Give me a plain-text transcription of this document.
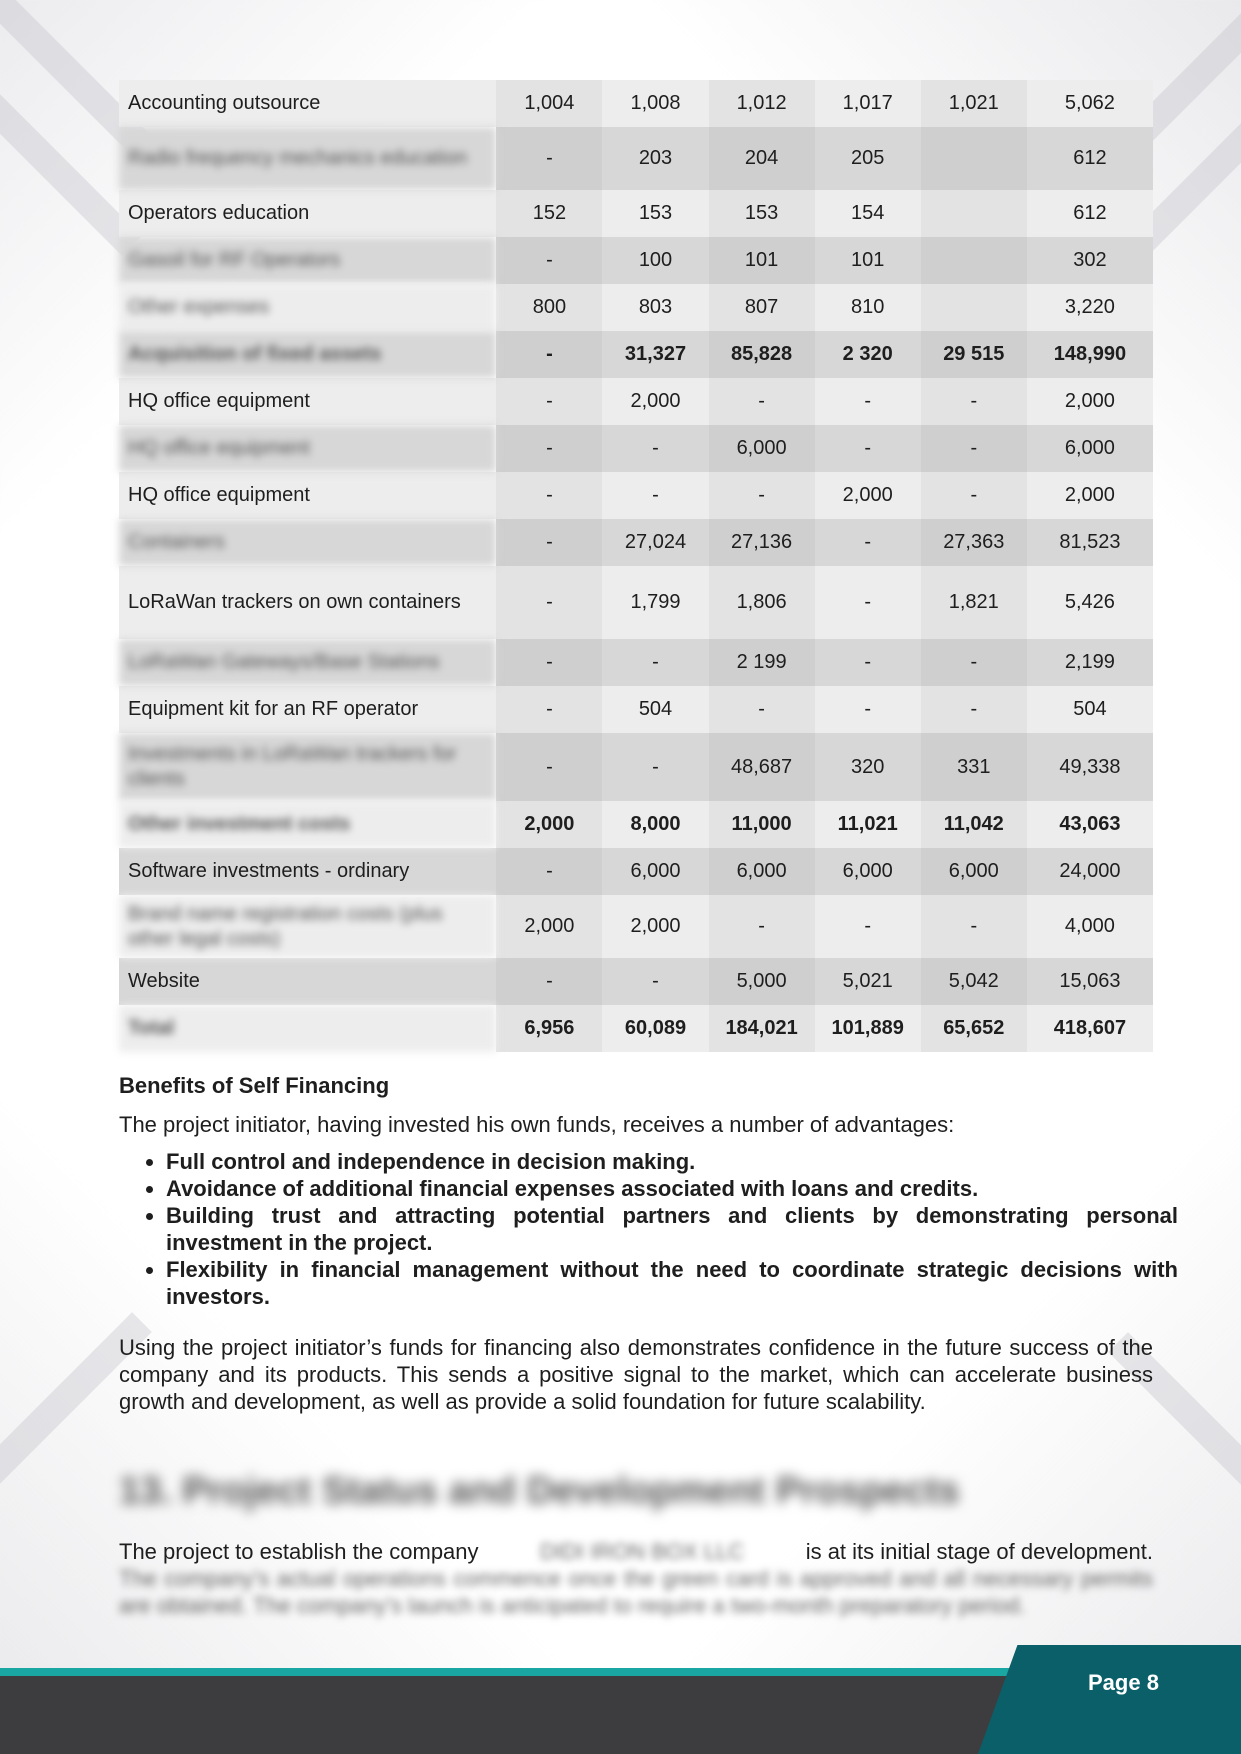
Accounting outsource	1,004	1,008	1,012	1,017	1,021	5,062
Radio frequency mechanics education	-	203	204	205		612
Operators education	152	153	153	154		612
Gasoil for RF Operators	-	100	101	101		302
Other expenses	800	803	807	810		3,220
Acquisition of fixed assets	-	31,327	85,828	2 320	29 515	148,990
HQ office equipment	-	2,000	-	-	-	2,000
HQ office equipment	-	-	6,000	-	-	6,000
HQ office equipment	-	-	-	2,000	-	2,000
Containers	-	27,024	27,136	-	27,363	81,523
LoRaWan trackers on own containers	-	1,799	1,806	-	1,821	5,426
LoRaWan Gateways/Base Stations	-	-	2 199	-	-	2,199
Equipment kit for an RF operator	-	504	-	-	-	504
Investments in LoRaWan trackers for clients	-	-	48,687	320	331	49,338
Other investment costs	2,000	8,000	11,000	11,021	11,042	43,063
Software investments - ordinary	-	6,000	6,000	6,000	6,000	24,000
Brand name registration costs (plus other legal costs)	2,000	2,000	-	-	-	4,000
Website	-	-	5,000	5,021	5,042	15,063
Total	6,956	60,089	184,021	101,889	65,652	418,607
Benefits of Self Financing
The project initiator, having invested his own funds, receives a number of advantages:
• Full control and independence in decision making.
• Avoidance of additional financial expenses associated with loans and credits.
• Building trust and attracting potential partners and clients by demonstrating personal investment in the project.
• Flexibility in financial management without the need to coordinate strategic decisions with investors.
Using the project initiator’s funds for financing also demonstrates confidence in the future success of the company and its products. This sends a positive signal to the market, which can accelerate business growth and development, as well as provide a solid foundation for future scalability.
13. Project Status and Development Prospects
The project to establish the company	DIDI IRON BOX LLC	is at its initial stage of development.
The company’s actual operations commence once the green card is approved and all necessary permits are obtained. The company’s launch is anticipated to require a two-month preparatory period.
Page 8
